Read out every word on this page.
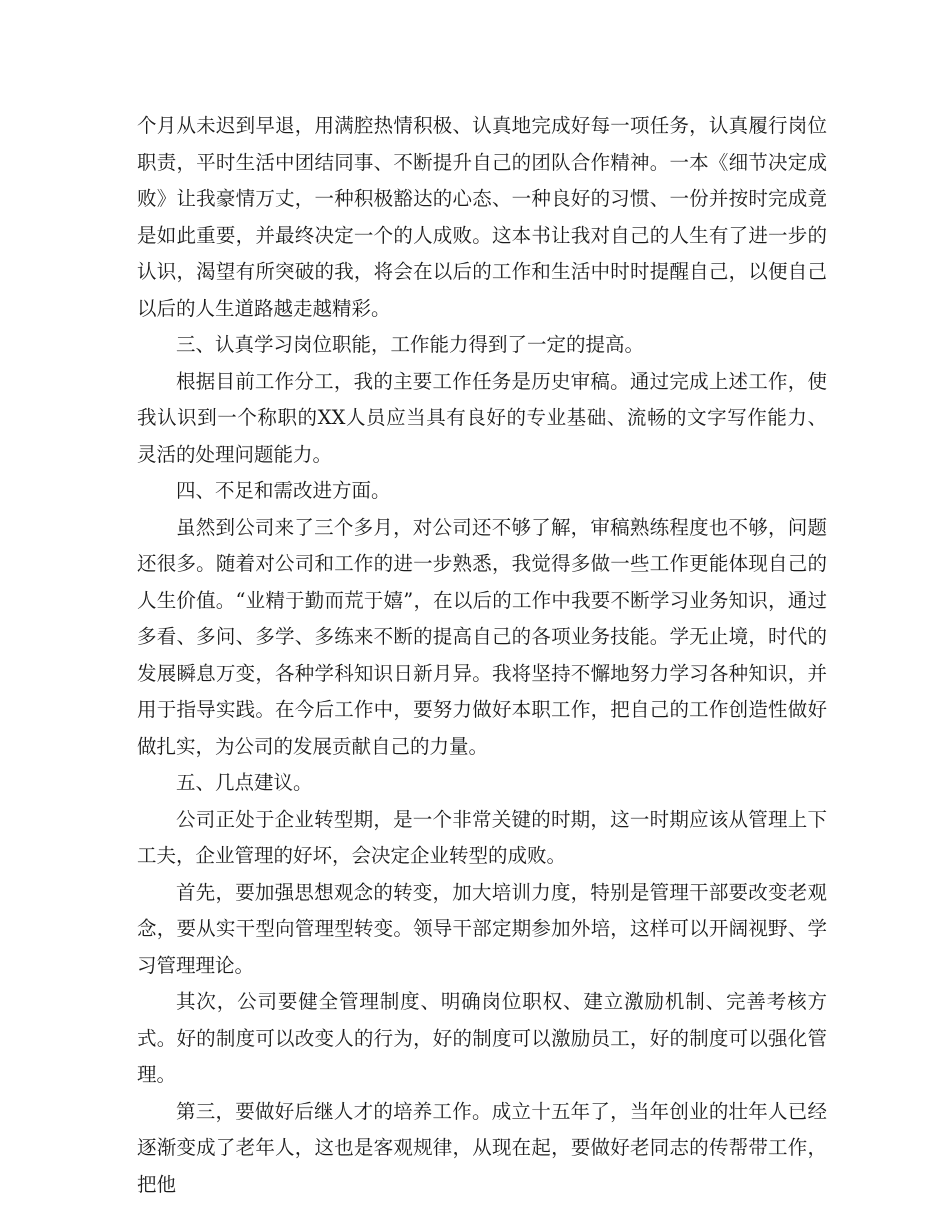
个月从未迟到早退，用满腔热情积极、认真地完成好每一项任务，认真履行岗位职责，平时生活中团结同事、不断提升自己的团队合作精神。一本《细节决定成败》让我豪情万丈，一种积极豁达的心态、一种良好的习惯、一份并按时完成竟是如此重要，并最终决定一个的人成败。这本书让我对自己的人生有了进一步的认识，渴望有所突破的我，将会在以后的工作和生活中时时提醒自己，以便自己以后的人生道路越走越精彩。

三、认真学习岗位职能，工作能力得到了一定的提高。

根据目前工作分工，我的主要工作任务是历史审稿。通过完成上述工作，使我认识到一个称职的XX人员应当具有良好的专业基础、流畅的文字写作能力、灵活的处理问题能力。

四、不足和需改进方面。

虽然到公司来了三个多月，对公司还不够了解，审稿熟练程度也不够，问题还很多。随着对公司和工作的进一步熟悉，我觉得多做一些工作更能体现自己的人生价值。“业精于勤而荒于嬉”，在以后的工作中我要不断学习业务知识，通过多看、多问、多学、多练来不断的提高自己的各项业务技能。学无止境，时代的发展瞬息万变，各种学科知识日新月异。我将坚持不懈地努力学习各种知识，并用于指导实践。在今后工作中，要努力做好本职工作，把自己的工作创造性做好做扎实，为公司的发展贡献自己的力量。

五、几点建议。

公司正处于企业转型期，是一个非常关键的时期，这一时期应该从管理上下工夫，企业管理的好坏，会决定企业转型的成败。

首先，要加强思想观念的转变，加大培训力度，特别是管理干部要改变老观念，要从实干型向管理型转变。领导干部定期参加外培，这样可以开阔视野、学习管理理论。

其次，公司要健全管理制度、明确岗位职权、建立激励机制、完善考核方式。好的制度可以改变人的行为，好的制度可以激励员工，好的制度可以强化管理。

第三，要做好后继人才的培养工作。成立十五年了，当年创业的壮年人已经逐渐变成了老年人，这也是客观规律，从现在起，要做好老同志的传帮带工作，把他
